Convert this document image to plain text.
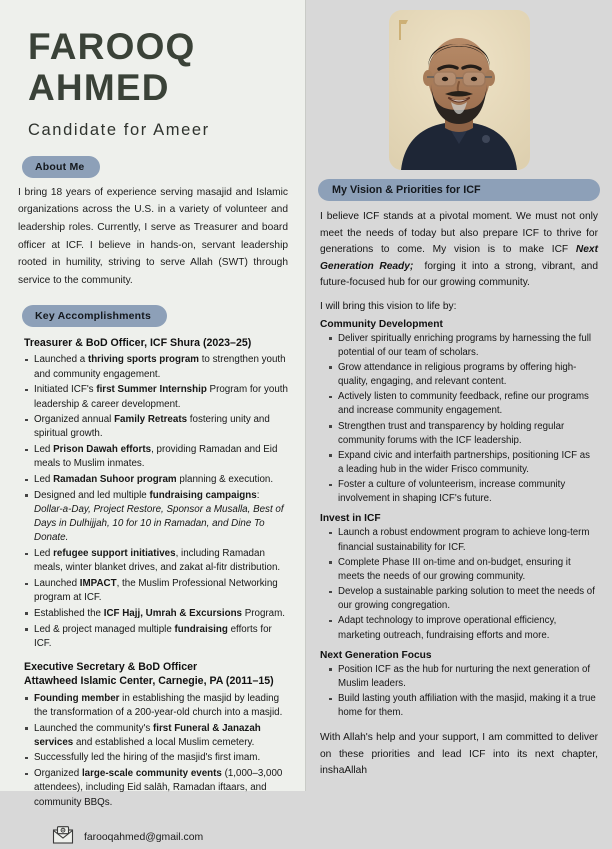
FAROOQ
AHMED
Candidate for Ameer
About Me
I bring 18 years of experience serving masajid and Islamic organizations across the U.S. in a variety of volunteer and leadership roles. Currently, I serve as Treasurer and board officer at ICF. I believe in hands-on, servant leadership rooted in humility, striving to serve Allah (SWT) through service to the community.
Key Accomplishments
Treasurer & BoD Officer, ICF Shura (2023–25)
Launched a thriving sports program to strengthen youth and community engagement.
Initiated ICF's first Summer Internship Program for youth leadership & career development.
Organized annual Family Retreats fostering unity and spiritual growth.
Led Prison Dawah efforts, providing Ramadan and Eid meals to Muslim inmates.
Led Ramadan Suhoor program planning & execution.
Designed and led multiple fundraising campaigns: Dollar-a-Day, Project Restore, Sponsor a Musalla, Best of Days in Dulhijjah, 10 for 10 in Ramadan, and Dine To Donate.
Led refugee support initiatives, including Ramadan meals, winter blanket drives, and zakat al-fitr distribution.
Launched IMPACT, the Muslim Professional Networking program at ICF.
Established the ICF Hajj, Umrah & Excursions Program.
Led & project managed multiple fundraising efforts for ICF.
Executive Secretary & BoD Officer
Attawheed Islamic Center, Carnegie, PA (2011–15)
Founding member in establishing the masjid by leading the transformation of a 200-year-old church into a masjid.
Launched the community's first Funeral & Janazah services and established a local Muslim cemetery.
Successfully led the hiring of the masjid's first imam.
Organized large-scale community events (1,000–3,000 attendees), including Eid salāh, Ramadan iftaars, and community BBQs.
farooqahmed@gmail.com
My Vision & Priorities for ICF
I believe ICF stands at a pivotal moment. We must not only meet the needs of today but also prepare ICF to thrive for generations to come. My vision is to make ICF Next Generation Ready;  forging it into a strong, vibrant, and future-focused hub for our growing community.
I will bring this vision to life by:
Community Development
Deliver spiritually enriching programs by harnessing the full potential of our team of scholars.
Grow attendance in religious programs by offering high-quality, engaging, and relevant content.
Actively listen to community feedback, refine our programs and increase community engagement.
Strengthen trust and transparency by holding regular community forums with the ICF leadership.
Expand civic and interfaith partnerships, positioning ICF as a leading hub in the wider Frisco community.
Foster a culture of volunteerism, increase community involvement in shaping ICF's future.
Invest in ICF
Launch a robust endowment program to achieve long-term financial sustainability for ICF.
Complete Phase III on-time and on-budget, ensuring it meets the needs of our growing community.
Develop a sustainable parking solution to meet the needs of our growing congregation.
Adapt technology to improve operational efficiency, marketing outreach, fundraising efforts and more.
Next Generation Focus
Position ICF as the hub for nurturing the next generation of Muslim leaders.
Build lasting youth affiliation with the masjid, making it a true home for them.
With Allah's help and your support, I am committed to deliver on these priorities and lead ICF into its next chapter, inshaAllah
